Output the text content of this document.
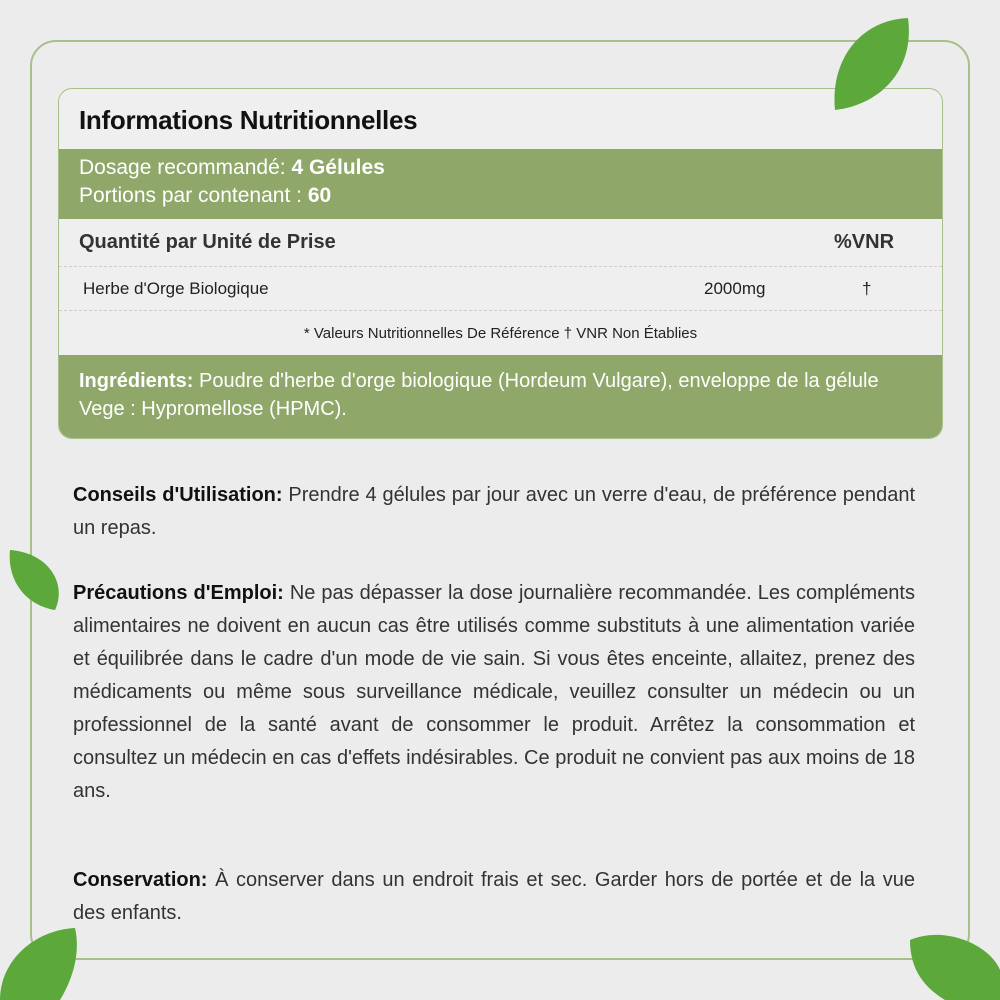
Informations Nutritionnelles
Dosage recommandé: 4 Gélules
Portions par contenant : 60
Quantité par Unité de Prise	%VNR
Herbe d'Orge Biologique	2000mg	†
* Valeurs Nutritionnelles De Référence † VNR Non Établies
Ingrédients: Poudre d'herbe d'orge biologique (Hordeum Vulgare), enveloppe de la gélule Vege : Hypromellose (HPMC).

Conseils d'Utilisation: Prendre 4 gélules par jour avec un verre d'eau, de préférence pendant un repas.

Précautions d'Emploi: Ne pas dépasser la dose journalière recommandée. Les compléments alimentaires ne doivent en aucun cas être utilisés comme substituts à une alimentation variée et équilibrée dans le cadre d'un mode de vie sain. Si vous êtes enceinte, allaitez, prenez des médicaments ou même sous surveillance médicale, veuillez consulter un médecin ou un professionnel de la santé avant de consommer le produit. Arrêtez la consommation et consultez un médecin en cas d'effets indésirables. Ce produit ne convient pas aux moins de 18 ans.

Conservation: À conserver dans un endroit frais et sec. Garder hors de portée et de la vue des enfants.
